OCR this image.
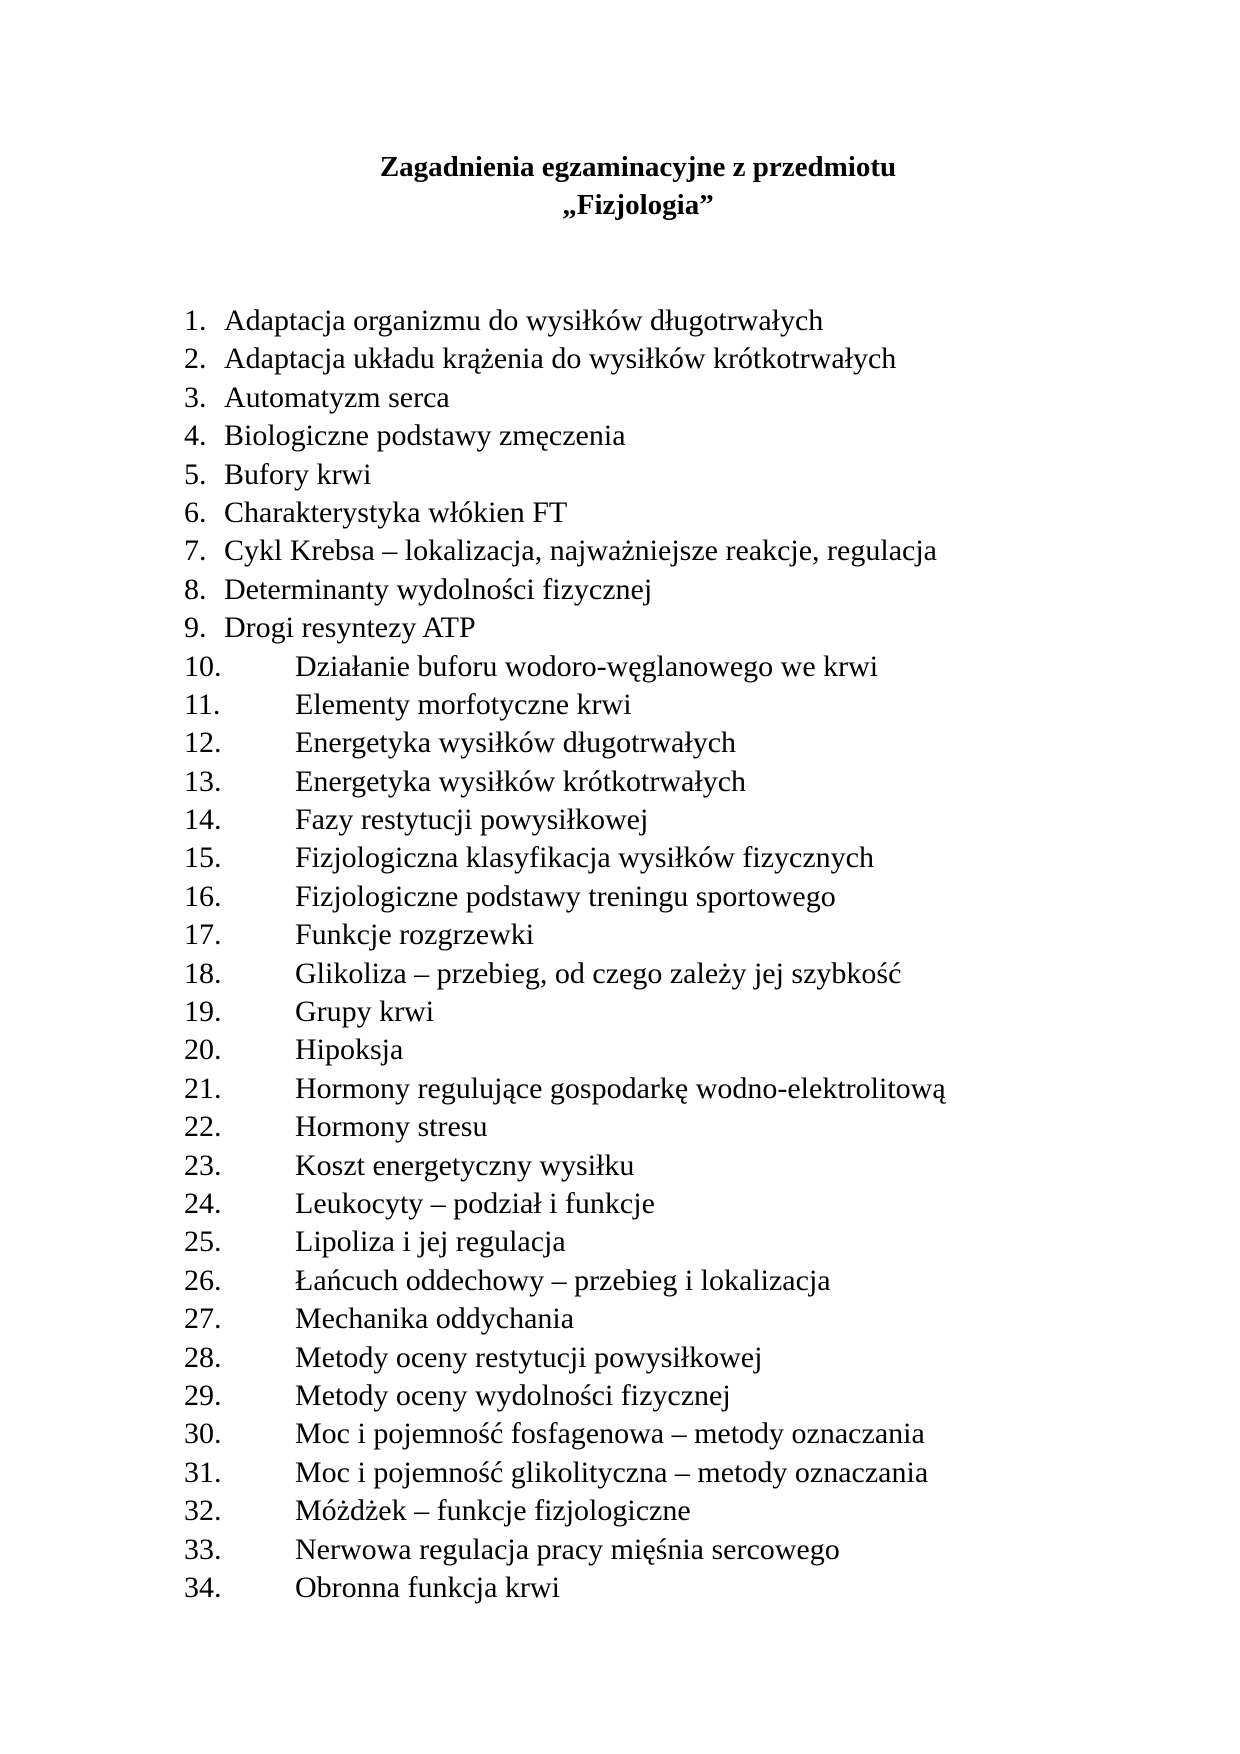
Zagadnienia egzaminacyjne z przedmiotu
„Fizjologia”
1. Adaptacja organizmu do wysiłków długotrwałych
2. Adaptacja układu krążenia do wysiłków krótkotrwałych
3. Automatyzm serca
4. Biologiczne podstawy zmęczenia
5. Bufory krwi
6. Charakterystyka włókien FT
7. Cykl Krebsa – lokalizacja, najważniejsze reakcje, regulacja
8. Determinanty wydolności fizycznej
9. Drogi resyntezy ATP
10. Działanie buforu wodoro-węglanowego we krwi
11. Elementy morfotyczne krwi
12. Energetyka wysiłków długotrwałych
13. Energetyka wysiłków krótkotrwałych
14. Fazy restytucji powysiłkowej
15. Fizjologiczna klasyfikacja wysiłków fizycznych
16. Fizjologiczne podstawy treningu sportowego
17. Funkcje rozgrzewki
18. Glikoliza – przebieg, od czego zależy jej szybkość
19. Grupy krwi
20. Hipoksja
21. Hormony regulujące gospodarkę wodno-elektrolitową
22. Hormony stresu
23. Koszt energetyczny wysiłku
24. Leukocyty – podział i funkcje
25. Lipoliza i jej regulacja
26. Łańcuch oddechowy – przebieg i lokalizacja
27. Mechanika oddychania
28. Metody oceny restytucji powysiłkowej
29. Metody oceny wydolności fizycznej
30. Moc i pojemność fosfagenowa – metody oznaczania
31. Moc i pojemność glikolityczna – metody oznaczania
32. Móżdżek – funkcje fizjologiczne
33. Nerwowa regulacja pracy mięśnia sercowego
34. Obronna funkcja krwi
